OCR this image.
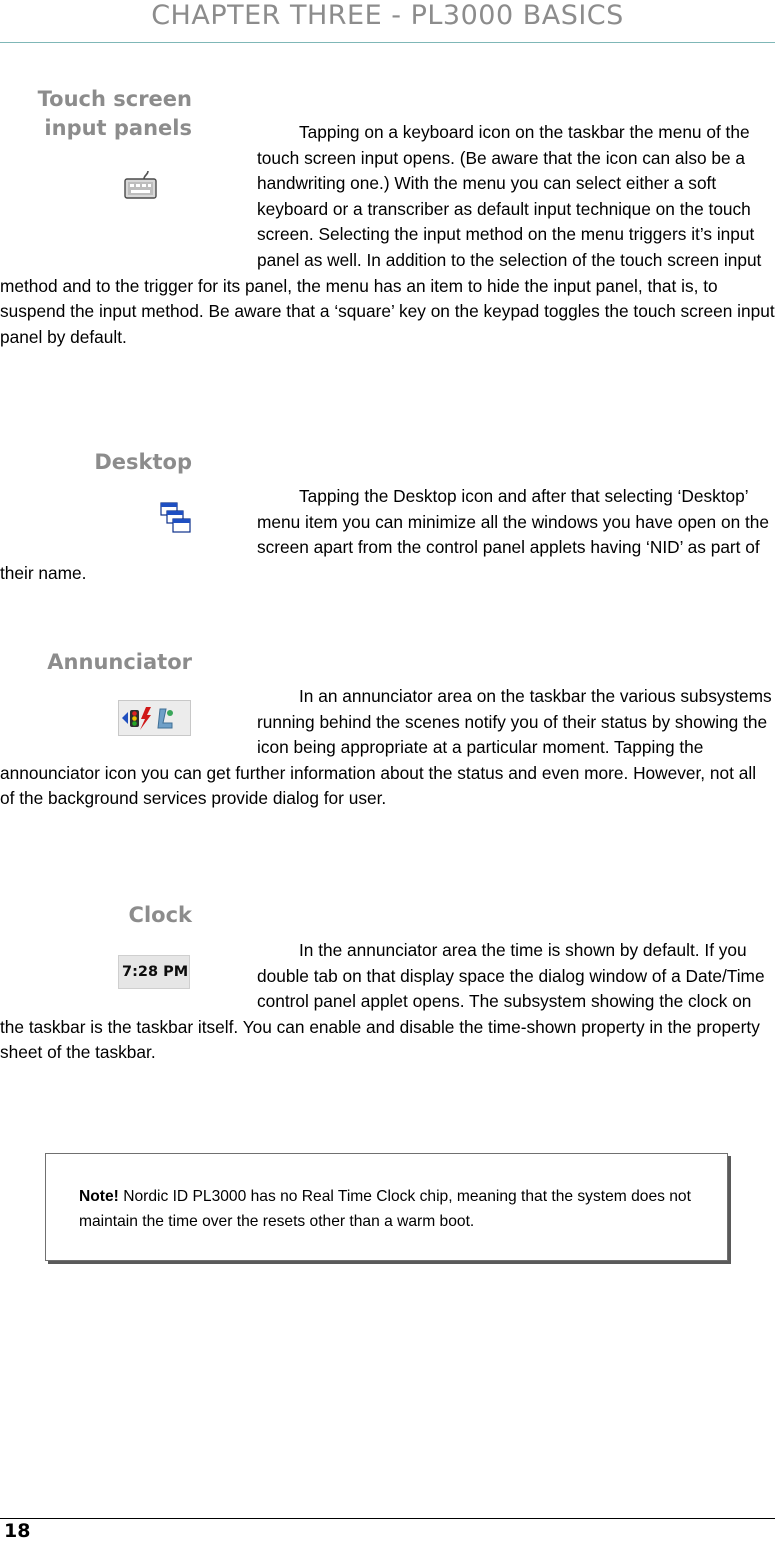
CHAPTER THREE - PL3000 BASICS
Touch screen
input panels	Tapping on a keyboard icon on the taskbar the menu of the touch screen input opens. (Be aware that the icon can also be a handwriting one.) With the menu you can select either a soft keyboard or a transcriber as default input technique on the touch screen. Selecting the input method on the menu triggers it’s input panel as well. In addition to the selection of the touch screen input method and to the trigger for its panel, the menu has an item to hide the input panel, that is, to suspend the input method. Be aware that a ‘square’ key on the keypad toggles the touch screen input panel by default.

Desktop

Tapping the Desktop icon and after that selecting ‘Desktop’ menu item you can minimize all the windows you have open on the screen apart from the control panel applets having ‘NID’ as part of their name.

Annunciator

In an annunciator area on the taskbar the various subsystems running behind the scenes notify you of their status by showing the icon being appropriate at a particular moment. Tapping the announciator icon you can get further information about the status and even more. However, not all of the background services provide dialog for user.

Clock
7:28 PM

In the annunciator area the time is shown by default. If you double tab on that display space the dialog window of a Date/Time control panel applet opens. The subsystem showing the clock on the taskbar is the taskbar itself. You can enable and disable the time-shown property in the property sheet of the taskbar.

Note! Nordic ID PL3000 has no Real Time Clock chip, meaning that the system does not maintain the time over the resets other than a warm boot.

18
